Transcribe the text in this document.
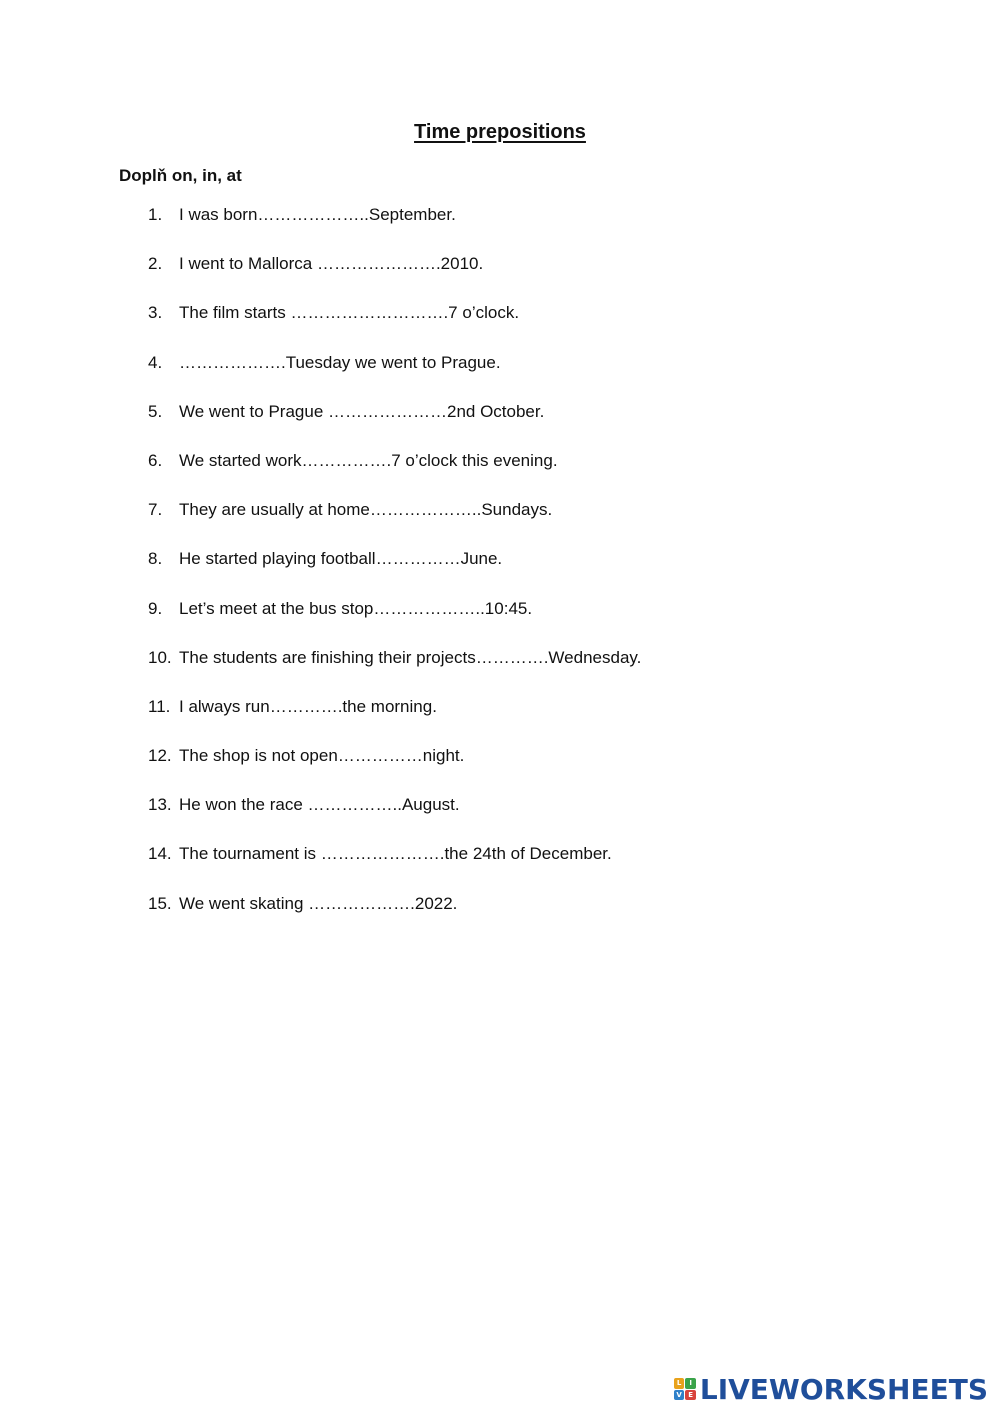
Time prepositions
Doplň on, in, at
1. I was born………………..September.
2. I went to Mallorca ………………….2010.
3. The film starts ……………………….7 o’clock.
4. ……………….Tuesday we went to Prague.
5. We went to Prague …………………2nd October.
6. We started work…………….7 o’clock this evening.
7. They are usually at home………………..Sundays.
8. He started playing football……………June.
9. Let’s meet at the bus stop………………..10:45.
10. The students are finishing their projects………….Wednesday.
11. I always run………….the morning.
12. The shop is not open……………night.
13. He won the race ……………..August.
14. The tournament is ………………….the 24th of December.
15. We went skating ……………….2022.
L	I
V E LIVEWORKSHEETS
